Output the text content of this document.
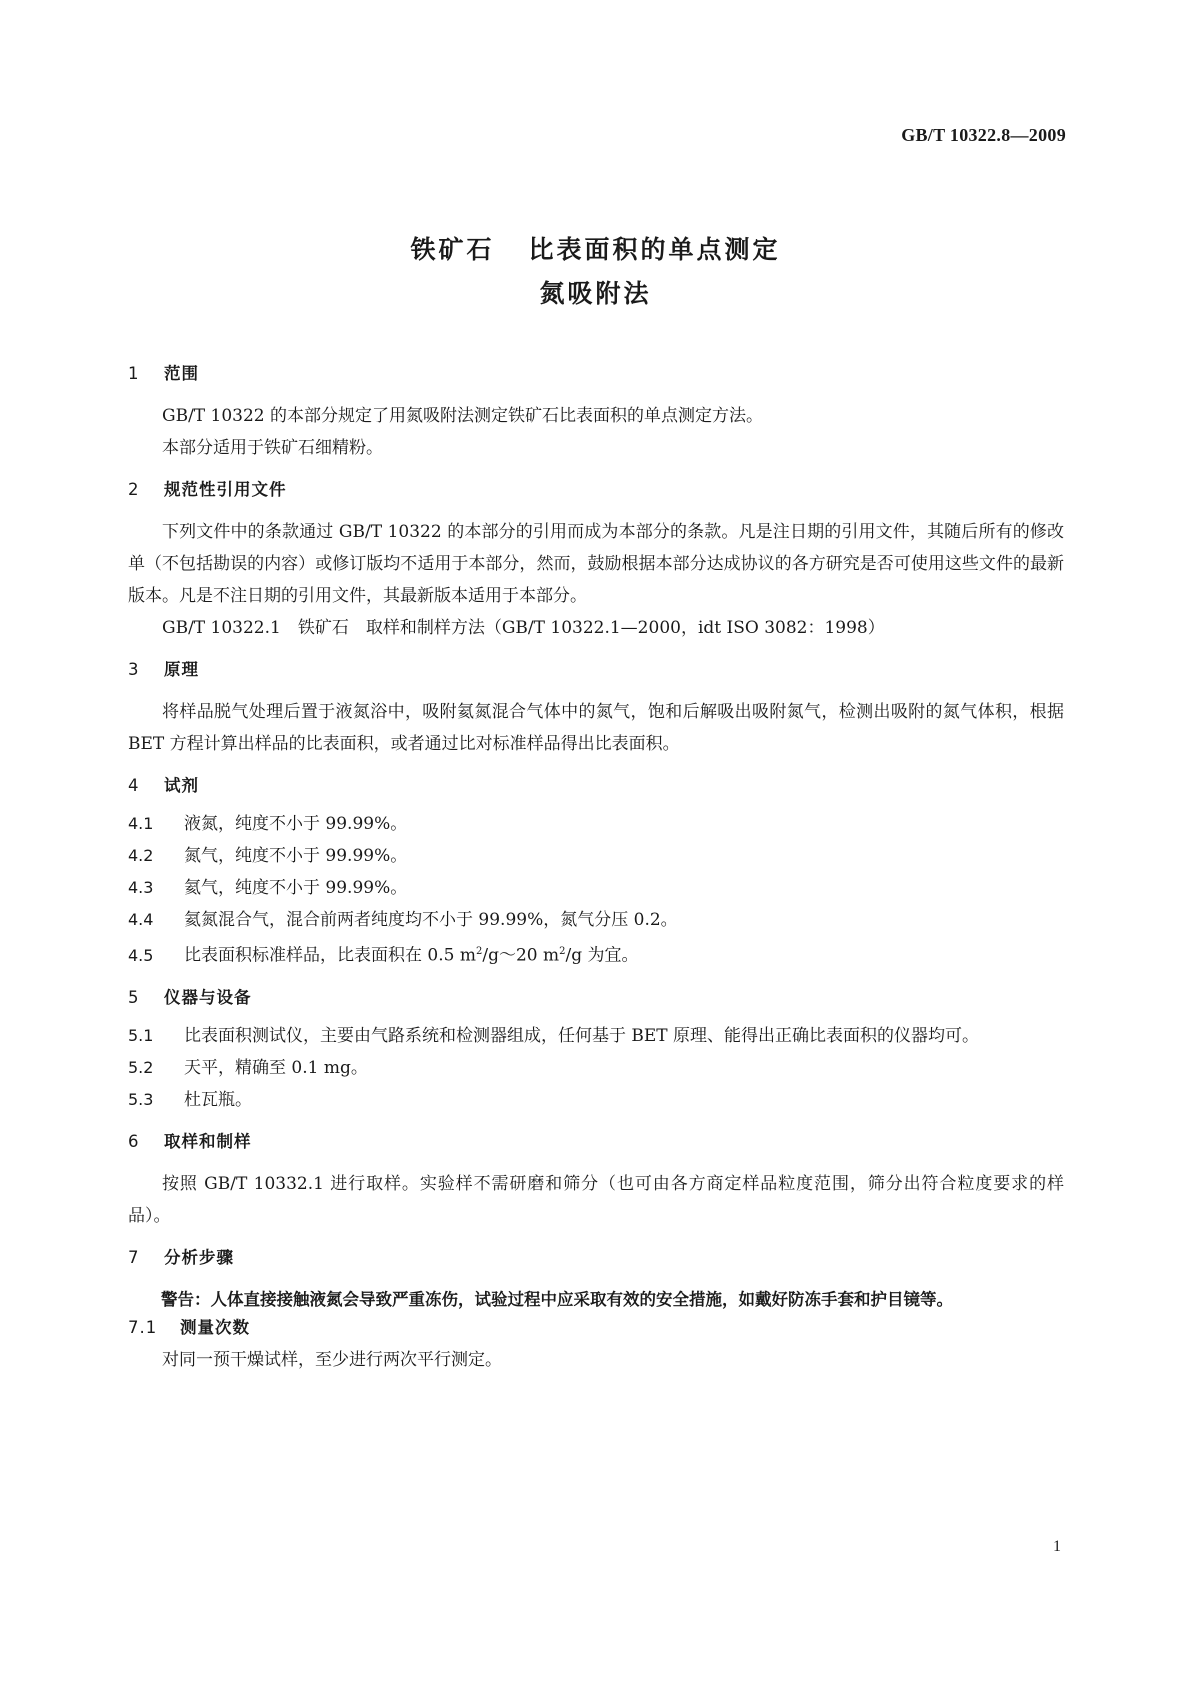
GB/T 10322.8—2009
铁矿石 比表面积的单点测定
氮吸附法
1 范围

GB/T 10322 的本部分规定了用氮吸附法测定铁矿石比表面积的单点测定方法。

本部分适用于铁矿石细精粉。

2 规范性引用文件

下列文件中的条款通过 GB/T 10322 的本部分的引用而成为本部分的条款。凡是注日期的引用文件，其随后所有的修改单（不包括勘误的内容）或修订版均不适用于本部分，然而，鼓励根据本部分达成协议的各方研究是否可使用这些文件的最新版本。凡是不注日期的引用文件，其最新版本适用于本部分。

GB/T 10322.1　铁矿石　取样和制样方法（GB/T 10322.1—2000，idt ISO 3082：1998）

3 原理

将样品脱气处理后置于液氮浴中，吸附氦氮混合气体中的氮气，饱和后解吸出吸附氮气，检测出吸附的氮气体积，根据 BET 方程计算出样品的比表面积，或者通过比对标准样品得出比表面积。

4 试剂

4.1 液氮，纯度不小于 99.99%。

4.2 氮气，纯度不小于 99.99%。

4.3 氦气，纯度不小于 99.99%。

4.4 氦氮混合气，混合前两者纯度均不小于 99.99%，氮气分压 0.2。

4.5 比表面积标准样品，比表面积在 0.5 $m^2/g\sim 20$ $m^2/g$ 为宜。

5 仪器与设备

5.1 比表面积测试仪，主要由气路系统和检测器组成，任何基于 BET 原理、能得出正确比表面积的仪器均可。

5.2 天平，精确至 0.1 mg。

5.3 杜瓦瓶。

6 取样和制样

按照 GB/T 10332.1 进行取样。实验样不需研磨和筛分（也可由各方商定样品粒度范围，筛分出符合粒度要求的样品）。

7 分析步骤

警告：人体直接接触液氮会导致严重冻伤，试验过程中应采取有效的安全措施，如戴好防冻手套和护目镜等。

7.1 测量次数

对同一预干燥试样，至少进行两次平行测定。

1
